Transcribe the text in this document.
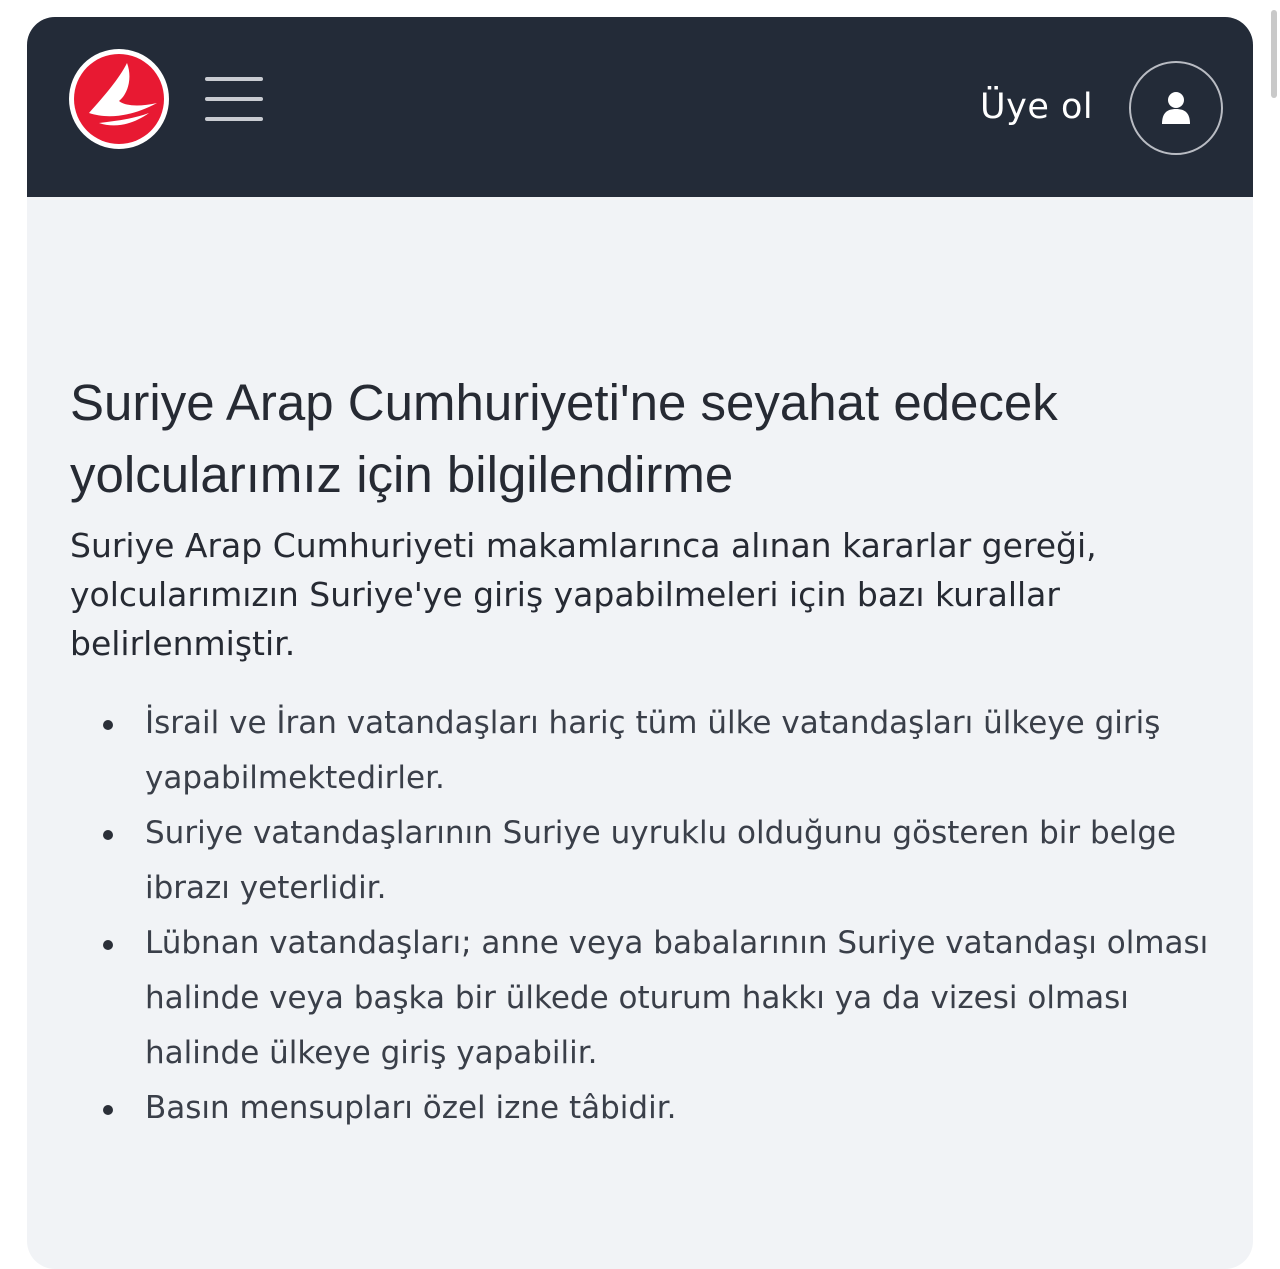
Üye ol
Suriye Arap Cumhuriyeti'ne seyahat edecek yolcularımız için bilgilendirme

Suriye Arap Cumhuriyeti makamlarınca alınan kararlar gereği, yolcularımızın Suriye'ye giriş yapabilmeleri için bazı kurallar belirlenmiştir.

İsrail ve İran vatandaşları hariç tüm ülke vatandaşları ülkeye giriş yapabilmektedirler.
Suriye vatandaşlarının Suriye uyruklu olduğunu gösteren bir belge ibrazı yeterlidir.
Lübnan vatandaşları; anne veya babalarının Suriye vatandaşı olması halinde veya başka bir ülkede oturum hakkı ya da vizesi olması halinde ülkeye giriş yapabilir.
Basın mensupları özel izne tâbidir.
